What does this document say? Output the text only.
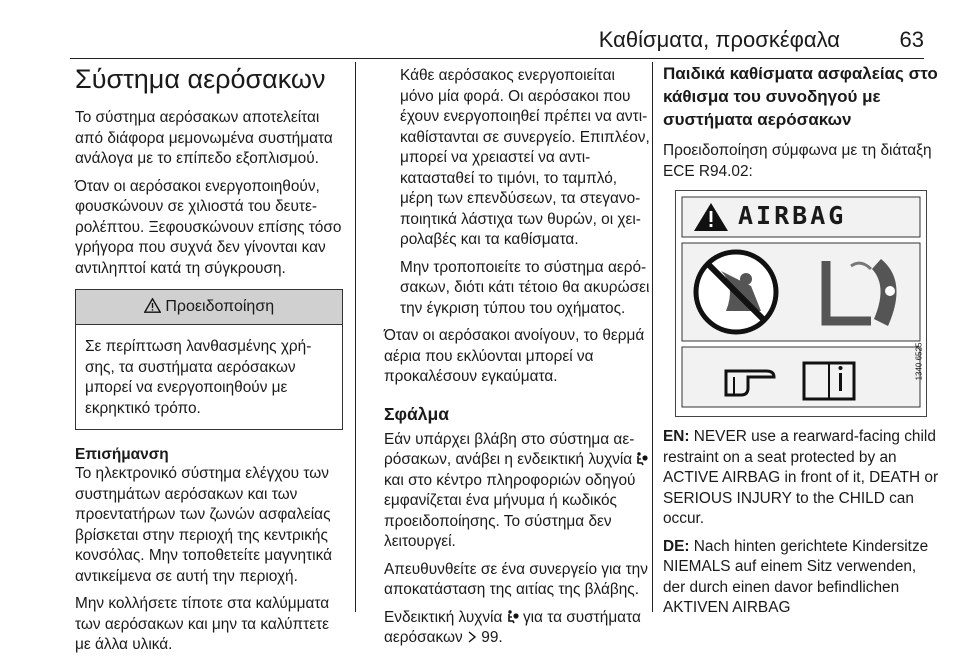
Καθίσματα, προσκέφαλα	63
Σύστημα αερόσακων

Το σύστημα αερόσακων αποτελείται από διάφορα μεμονωμένα συστήματα ανάλογα με το επίπεδο εξοπλισμού.

Όταν οι αερόσακοι ενεργοποιηθούν, φουσκώνουν σε χιλιοστά του δευτερολέπτου. Ξεφουσκώνουν επίσης τόσο γρήγορα που συχνά δεν γίνονται καν αντιληπτοί κατά τη σύγκρουση.

Προειδοποίηση
Σε περίπτωση λανθασμένης χρήσης, τα συστήματα αερόσακων μπορεί να ενεργοποιηθούν με εκρηκτικό τρόπο.
Επισήμανση

Το ηλεκτρονικό σύστημα ελέγχου των συστημάτων αερόσακων και των προεντατήρων των ζωνών ασφαλείας βρίσκεται στην περιοχή της κεντρικής κονσόλας. Μην τοποθετείτε μαγνητικά αντικείμενα σε αυτή την περιοχή.

Μην κολλήσετε τίποτε στα καλύμματα των αερόσακων και μην τα καλύπτετε με άλλα υλικά.

Κάθε αερόσακος ενεργοποιείται μόνο μία φορά. Οι αερόσακοι που έχουν ενεργοποιηθεί πρέπει να αντικαθίστανται σε συνεργείο. Επιπλέον, μπορεί να χρειαστεί να αντικατασταθεί το τιμόνι, το ταμπλό, μέρη των επενδύσεων, τα στεγανοποιητικά λάστιχα των θυρών, οι χειρολαβές και τα καθίσματα.

Μην τροποποιείτε το σύστημα αερόσακων, διότι κάτι τέτοιο θα ακυρώσει την έγκριση τύπου του οχήματος.

Όταν οι αερόσακοι ανοίγουν, το θερμά αέρια που εκλύονται μπορεί να προκαλέσουν εγκαύματα.

Σφάλμα

Εάν υπάρχει βλάβη στο σύστημα αερόσακων, ανάβει η ενδεικτική λυχνία  και στο κέντρο πληροφοριών οδηγού εμφανίζεται ένα μήνυμα ή κωδικός προειδοποίησης. Το σύστημα δεν λειτουργεί.

Απευθυνθείτε σε ένα συνεργείο για την αποκατάσταση της αιτίας της βλάβης.

Ενδεικτική λυχνία για τα συστήματα αερόσακων 99.

Παιδικά καθίσματα ασφαλείας στο κάθισμα του συνοδηγού με συστήματα αερόσακων

Προειδοποίηση σύμφωνα με τη διάταξη ECE R94.02:

AIRBAG
1340 6525

EN: NEVER use a rearward-facing child restraint on a seat protected by an ACTIVE AIRBAG in front of it, DEATH or SERIOUS INJURY to the CHILD can occur.

DE: Nach hinten gerichtete Kindersitze NIEMALS auf einem Sitz verwenden, der durch einen davor befindlichen AKTIVEN AIRBAG
